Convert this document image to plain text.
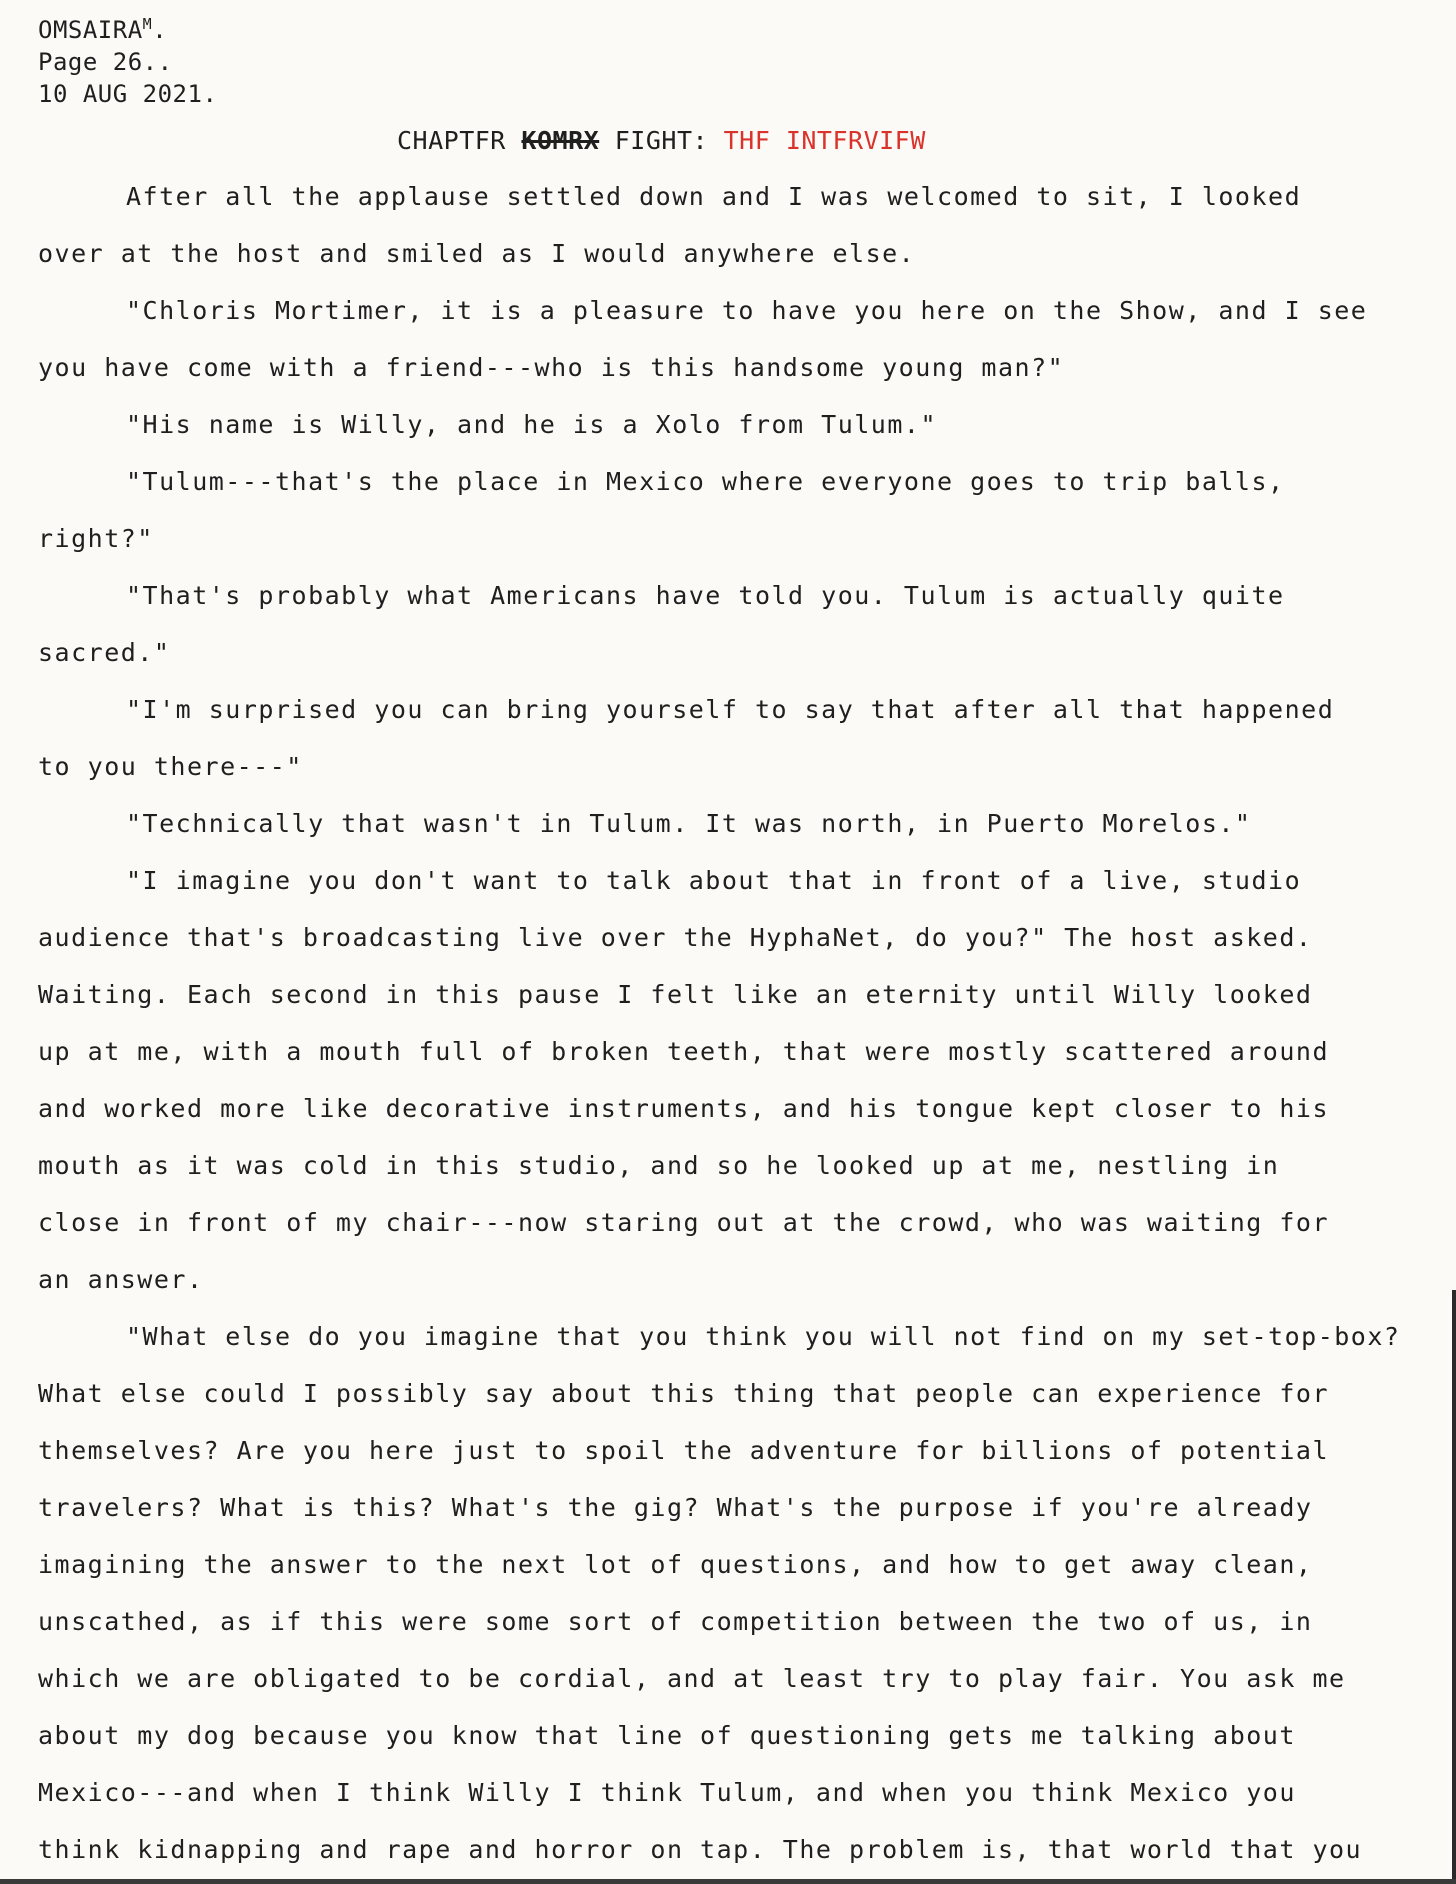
$OMSAIRA^M$.
Page 26..
10 AUG 2021.
CHAPTFR KOMRX FIGHT: THF INTFRVIFW
After all the applause settled down and I was welcomed to sit, I looked
over at the host and smiled as I would anywhere else.
"Chloris Mortimer, it is a pleasure to have you here on the Show, and I see
you have come with a friend---who is this handsome young man?"
"His name is Willy, and he is a Xolo from Tulum."
"Tulum---that's the place in Mexico where everyone goes to trip balls,
right?"
"That's probably what Americans have told you. Tulum is actually quite
sacred."
"I'm surprised you can bring yourself to say that after all that happened
to you there---"
"Technically that wasn't in Tulum. It was north, in Puerto Morelos."
"I imagine you don't want to talk about that in front of a live, studio
audience that's broadcasting live over the HyphaNet, do you?" The host asked.
Waiting. Each second in this pause I felt like an eternity until Willy looked
up at me, with a mouth full of broken teeth, that were mostly scattered around
and worked more like decorative instruments, and his tongue kept closer to his
mouth as it was cold in this studio, and so he looked up at me, nestling in
close in front of my chair---now staring out at the crowd, who was waiting for
an answer.
"What else do you imagine that you think you will not find on my set-top-box?
What else could I possibly say about this thing that people can experience for
themselves? Are you here just to spoil the adventure for billions of potential
travelers? What is this? What's the gig? What's the purpose if you're already
imagining the answer to the next lot of questions, and how to get away clean,
unscathed, as if this were some sort of competition between the two of us, in
which we are obligated to be cordial, and at least try to play fair. You ask me
about my dog because you know that line of questioning gets me talking about
Mexico---and when I think Willy I think Tulum, and when you think Mexico you
think kidnapping and rape and horror on tap. The problem is, that world that you
